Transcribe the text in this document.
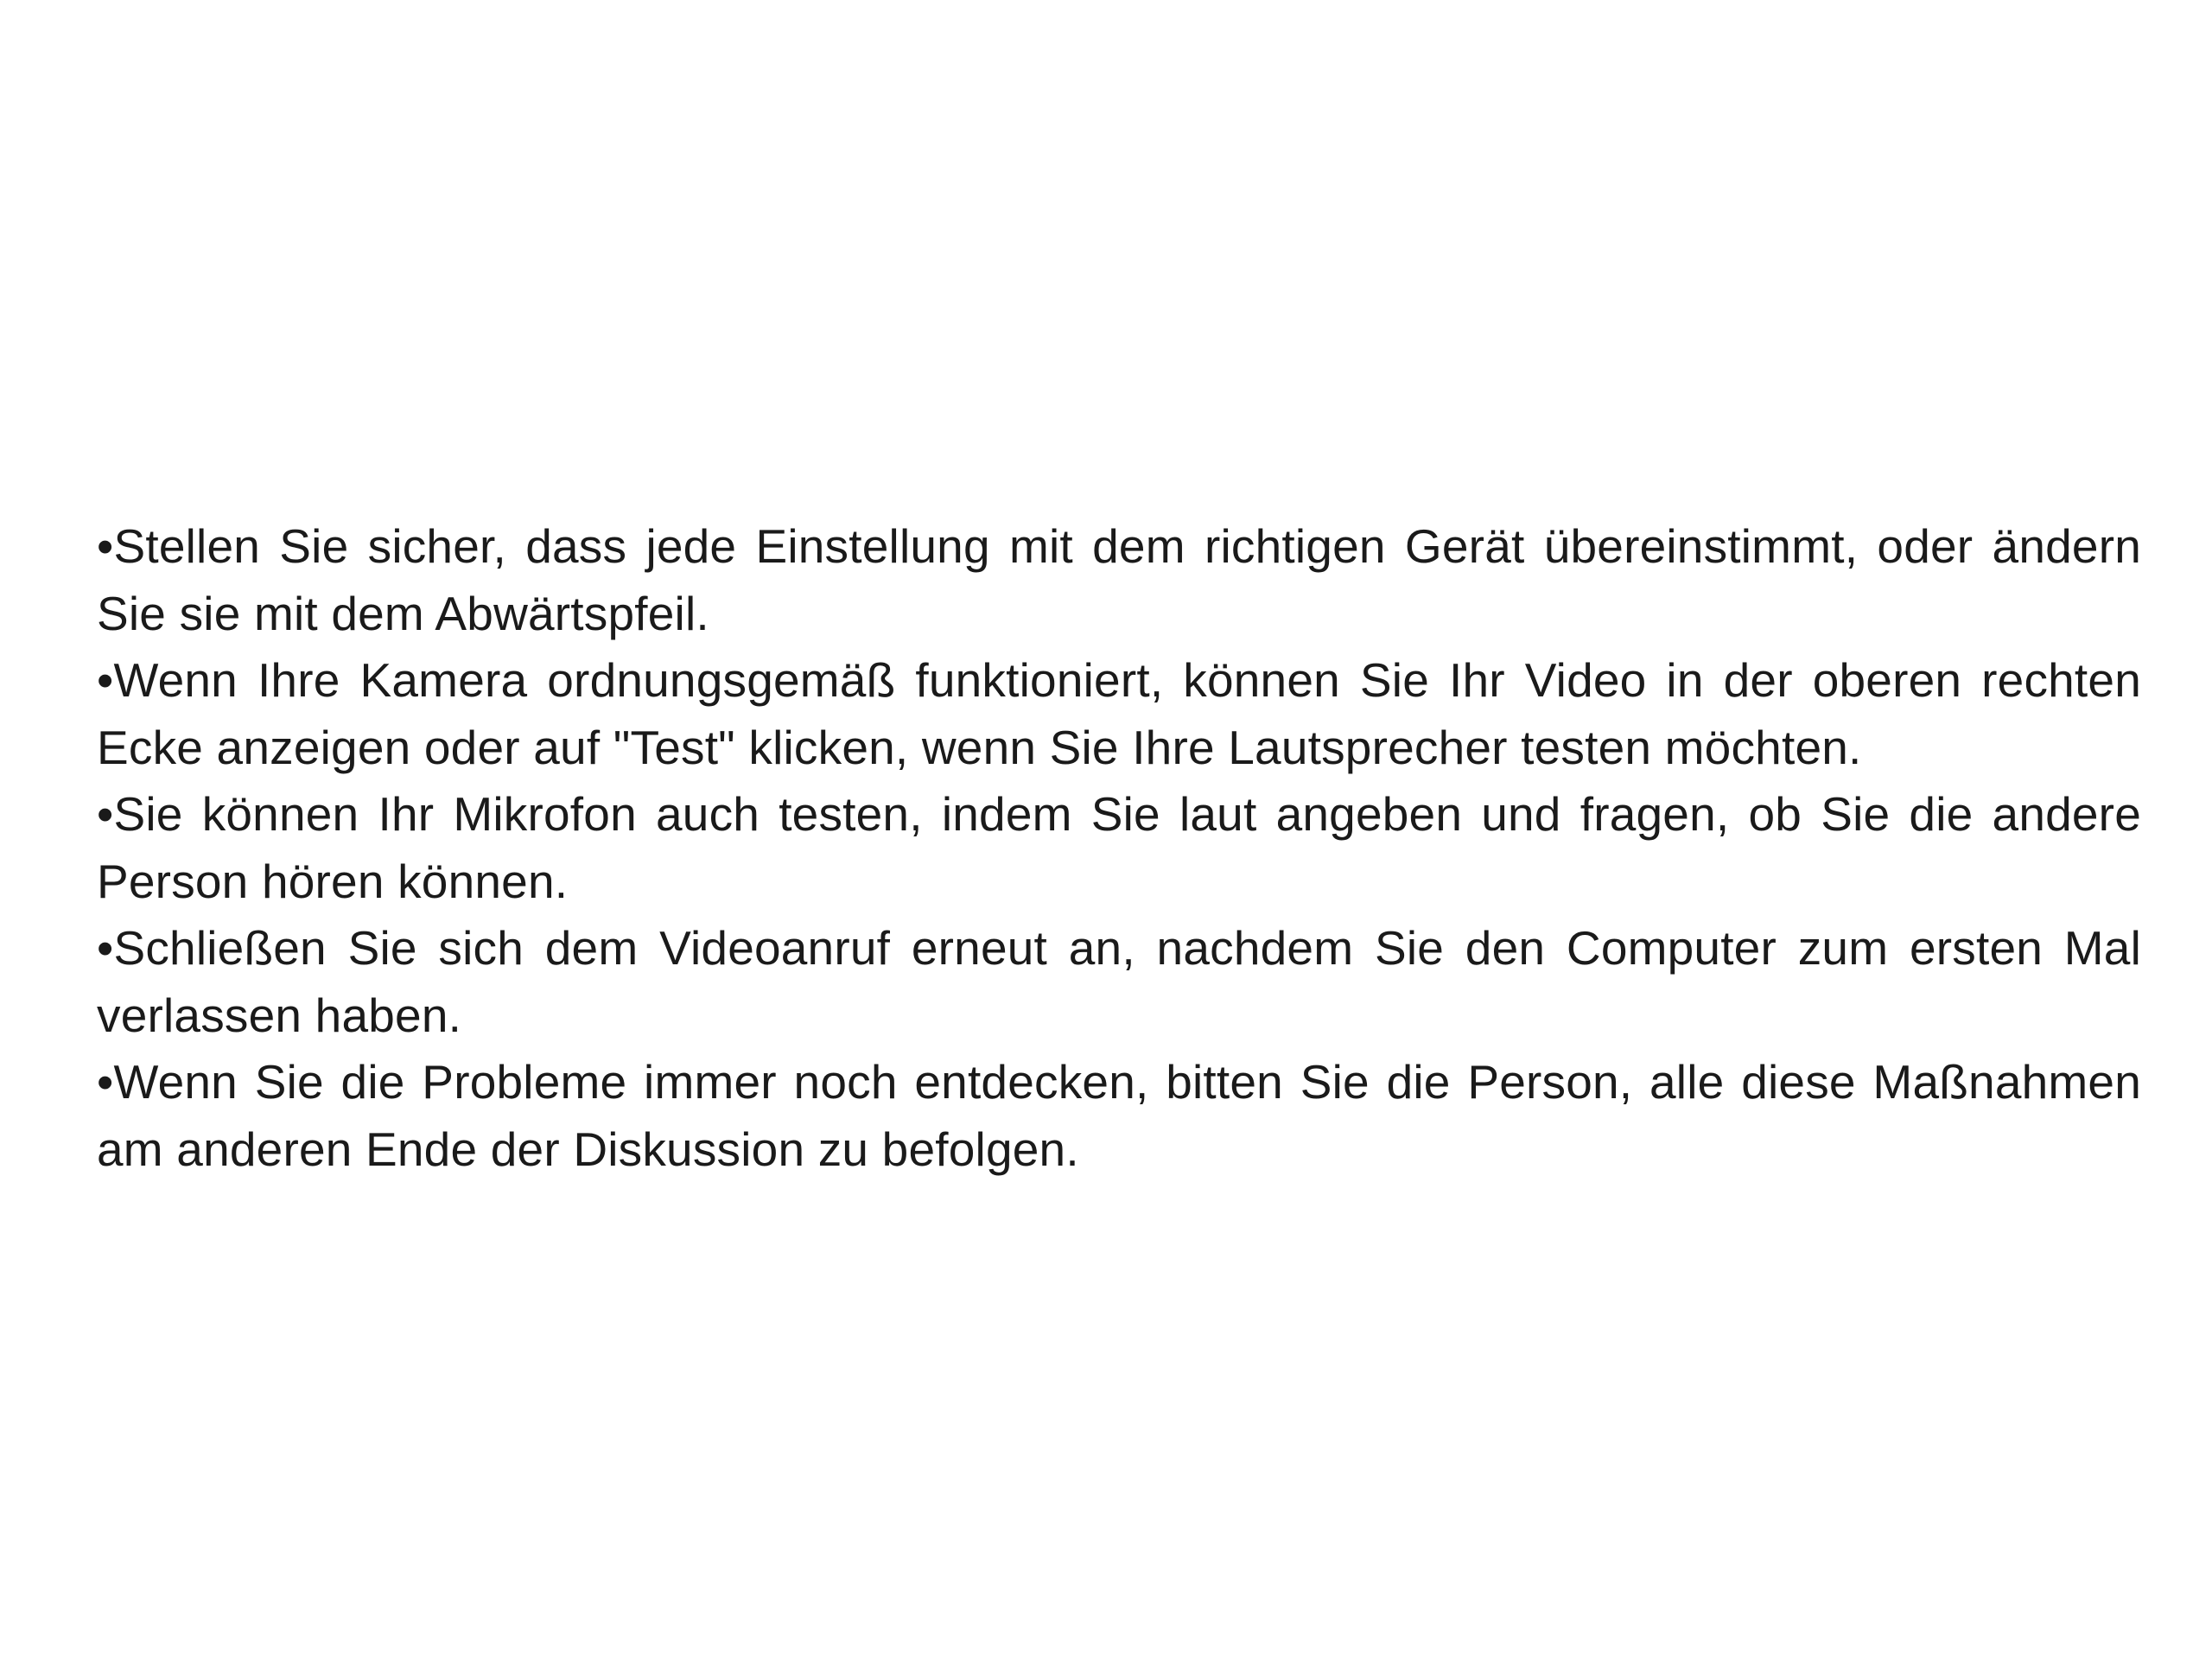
•Stellen Sie sicher, dass jede Einstellung mit dem richtigen Gerät übereinstimmt, oder ändern Sie sie mit dem Abwärtspfeil.
•Wenn Ihre Kamera ordnungsgemäß funktioniert, können Sie Ihr Video in der oberen rechten Ecke anzeigen oder auf "Test" klicken, wenn Sie Ihre Lautsprecher testen möchten.
•Sie können Ihr Mikrofon auch testen, indem Sie laut angeben und fragen, ob Sie die andere Person hören können.
•Schließen Sie sich dem Videoanruf erneut an, nachdem Sie den Computer zum ersten Mal verlassen haben.
•Wenn Sie die Probleme immer noch entdecken, bitten Sie die Person, alle diese Maßnahmen am anderen Ende der Diskussion zu befolgen.
